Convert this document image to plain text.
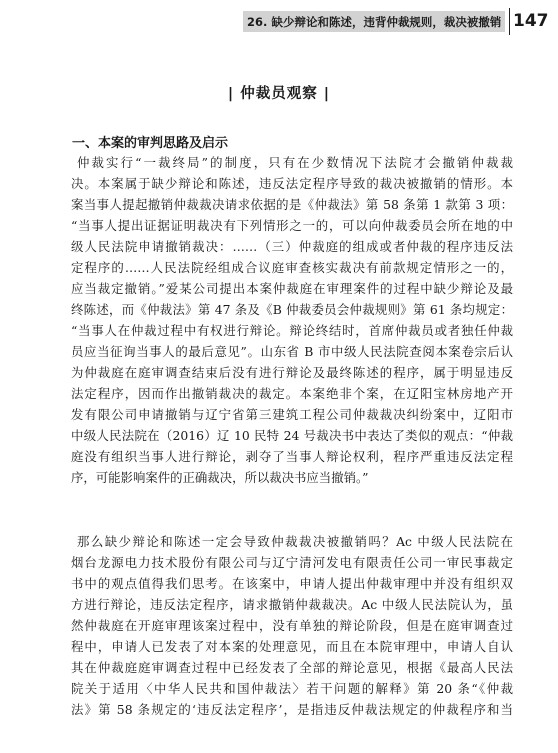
26. 缺少辩论和陈述，违背仲裁规则，裁决被撤销 147
| 仲裁员观察 |
一、本案的审判思路及启示
仲裁实行“一裁终局”的制度，只有在少数情况下法院才会撤销仲裁裁
决。本案属于缺少辩论和陈述，违反法定程序导致的裁决被撤销的情形。本
案当事人提起撤销仲裁裁决请求依据的是《仲裁法》第 58 条第 1 款第 3 项：
“当事人提出证据证明裁决有下列情形之一的，可以向仲裁委员会所在地的中
级人民法院申请撤销裁决：……（三）仲裁庭的组成或者仲裁的程序违反法
定程序的……人民法院经组成合议庭审查核实裁决有前款规定情形之一的，
应当裁定撤销。”爱某公司提出本案仲裁庭在审理案件的过程中缺少辩论及最
终陈述，而《仲裁法》第 47 条及《B 仲裁委员会仲裁规则》第 61 条均规定：
“当事人在仲裁过程中有权进行辩论。辩论终结时，首席仲裁员或者独任仲裁
员应当征询当事人的最后意见”。山东省 B 市中级人民法院查阅本案卷宗后认
为仲裁庭在庭审调查结束后没有进行辩论及最终陈述的程序，属于明显违反
法定程序，因而作出撤销裁决的裁定。本案绝非个案，在辽阳宝林房地产开
发有限公司申请撤销与辽宁省第三建筑工程公司仲裁裁决纠纷案中，辽阳市
中级人民法院在（2016）辽 10 民特 24 号裁决书中表达了类似的观点：“仲裁
庭没有组织当事人进行辩论，剥夺了当事人辩论权利，程序严重违反法定程
序，可能影响案件的正确裁决，所以裁决书应当撤销。”
那么缺少辩论和陈述一定会导致仲裁裁决被撤销吗？Ac 中级人民法院在
烟台龙源电力技术股份有限公司与辽宁清河发电有限责任公司一审民事裁定
书中的观点值得我们思考。在该案中，申请人提出仲裁审理中并没有组织双
方进行辩论，违反法定程序，请求撤销仲裁裁决。Ac 中级人民法院认为，虽
然仲裁庭在开庭审理该案过程中，没有单独的辩论阶段，但是在庭审调查过
程中，申请人已发表了对本案的处理意见，而且在本院审理中，申请人自认
其在仲裁庭庭审调查过程中已经发表了全部的辩论意见，根据《最高人民法
院关于适用〈中华人民共和国仲裁法〉若干问题的解释》第 20 条“《仲裁
法》第 58 条规定的‘违反法定程序’，是指违反仲裁法规定的仲裁程序和当
